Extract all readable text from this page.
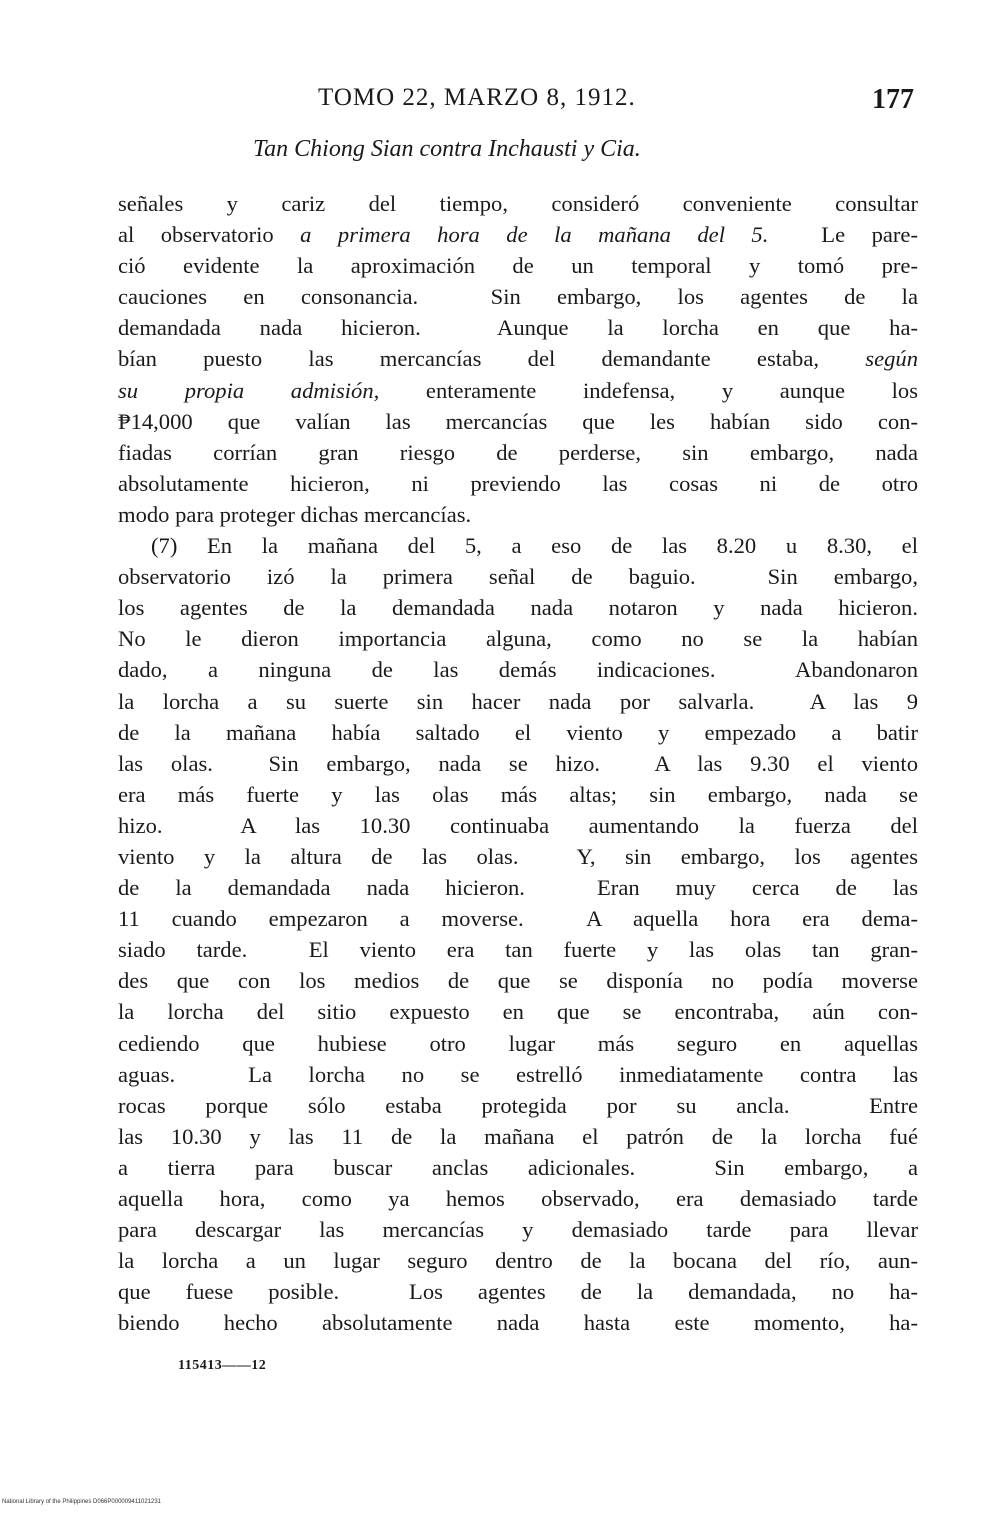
TOMO 22, MARZO 8, 1912.	177
Tan Chiong Sian contra Inchausti y Cia.
señales y cariz del tiempo, consideró conveniente consultar
al observatorio a primera hora de la mañana del 5.  Le pare-
ció evidente la aproximación de un temporal y tomó pre-
cauciones en consonancia.  Sin embargo, los agentes de la
demandada nada hicieron.  Aunque la lorcha en que ha-
bían puesto las mercancías del demandante estaba, según
su propia admisión, enteramente indefensa, y aunque los
₱14,000 que valían las mercancías que les habían sido con-
fiadas corrían gran riesgo de perderse, sin embargo, nada
absolutamente hicieron, ni previendo las cosas ni de otro
modo para proteger dichas mercancías.
(7) En la mañana del 5, a eso de las 8.20 u 8.30, el
observatorio izó la primera señal de baguio.  Sin embargo,
los agentes de la demandada nada notaron y nada hicieron.
No le dieron importancia alguna, como no se la habían
dado, a ninguna de las demás indicaciones.  Abandonaron
la lorcha a su suerte sin hacer nada por salvarla.  A las 9
de la mañana había saltado el viento y empezado a batir
las olas.  Sin embargo, nada se hizo.  A las 9.30 el viento
era más fuerte y las olas más altas; sin embargo, nada se
hizo.  A las 10.30 continuaba aumentando la fuerza del
viento y la altura de las olas.  Y, sin embargo, los agentes
de la demandada nada hicieron.  Eran muy cerca de las
11 cuando empezaron a moverse.  A aquella hora era dema-
siado tarde.  El viento era tan fuerte y las olas tan gran-
des que con los medios de que se disponía no podía moverse
la lorcha del sitio expuesto en que se encontraba, aún con-
cediendo que hubiese otro lugar más seguro en aquellas
aguas.  La lorcha no se estrelló inmediatamente contra las
rocas porque sólo estaba protegida por su ancla.  Entre
las 10.30 y las 11 de la mañana el patrón de la lorcha fué
a tierra para buscar anclas adicionales.  Sin embargo, a
aquella hora, como ya hemos observado, era demasiado tarde
para descargar las mercancías y demasiado tarde para llevar
la lorcha a un lugar seguro dentro de la bocana del río, aun-
que fuese posible.  Los agentes de la demandada, no ha-
biendo hecho absolutamente nada hasta este momento, ha-
115413——12
National Library of the Philippines D066P000009411021231
